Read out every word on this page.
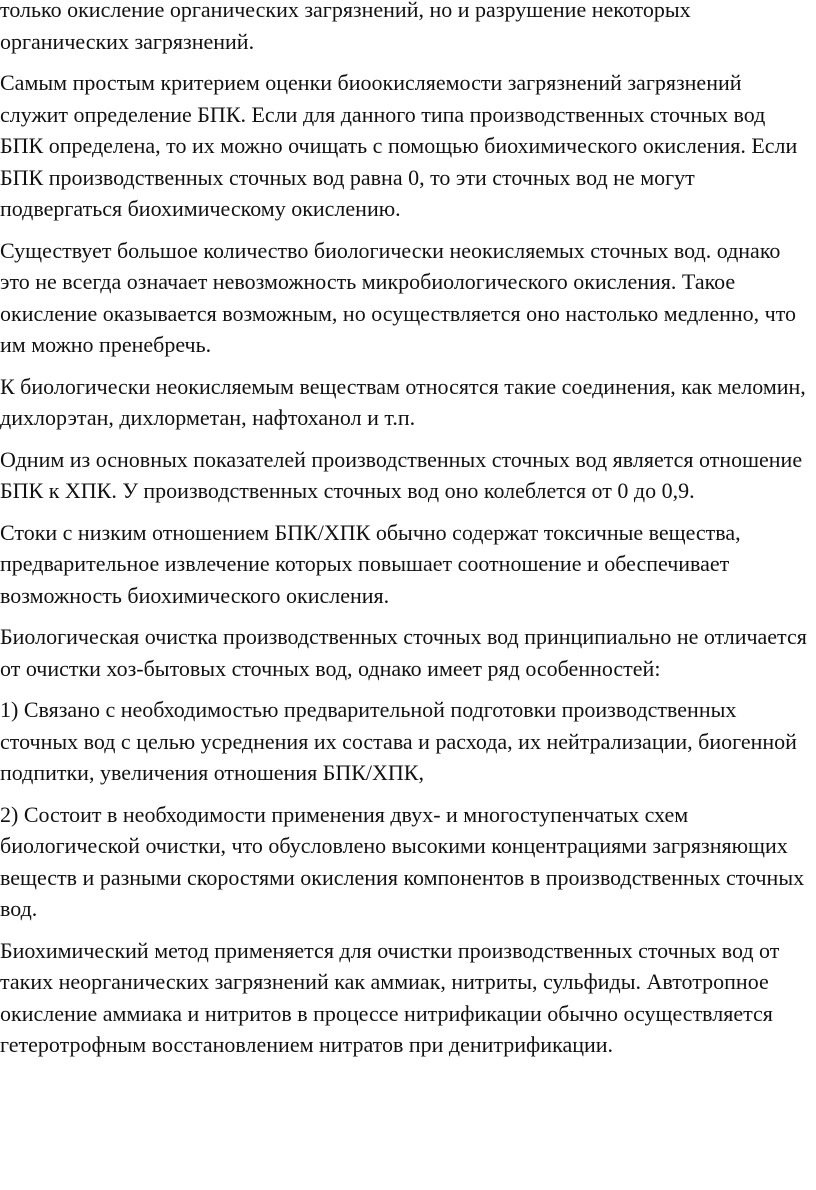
только окисление органических загрязнений, но и разрушение некоторых органических загрязнений.

Самым простым критерием оценки биоокисляемости загрязнений загрязнений служит определение БПК. Если для данного типа производственных сточных вод БПК определена, то их можно очищать с помощью биохимического окисления. Если БПК производственных сточных вод равна 0, то эти сточных вод не могут подвергаться биохимическому окислению.

Существует большое количество биологически неокисляемых сточных вод. однако это не всегда означает невозможность микробиологического окисления. Такое окисление оказывается возможным, но осуществляется оно настолько медленно, что им можно пренебречь.

К биологически неокисляемым веществам относятся такие соединения, как меломин, дихлорэтан, дихлорметан, нафтоханол и т.п.

Одним из основных показателей производственных сточных вод является отношение БПК к ХПК. У производственных сточных вод оно колеблется от 0 до 0,9.

Стоки с низким отношением БПК/ХПК обычно содержат токсичные вещества, предварительное извлечение которых повышает соотношение и обеспечивает возможность биохимического окисления.

Биологическая очистка производственных сточных вод принципиально не отличается от очистки хоз-бытовых сточных вод, однако имеет ряд особенностей:

1) Связано с необходимостью предварительной подготовки производственных сточных вод с целью усреднения их состава и расхода, их нейтрализации, биогенной подпитки, увеличения отношения БПК/ХПК,

2) Состоит в необходимости применения двух- и многоступенчатых схем биологической очистки, что обусловлено высокими концентрациями загрязняющих веществ и разными скоростями окисления компонентов в производственных сточных вод.

Биохимический метод применяется для очистки производственных сточных вод от таких неорганических загрязнений как аммиак, нитриты, сульфиды. Автотропное окисление аммиака и нитритов в процессе нитрификации обычно осуществляется гетеротрофным восстановлением нитратов при денитрификации.
